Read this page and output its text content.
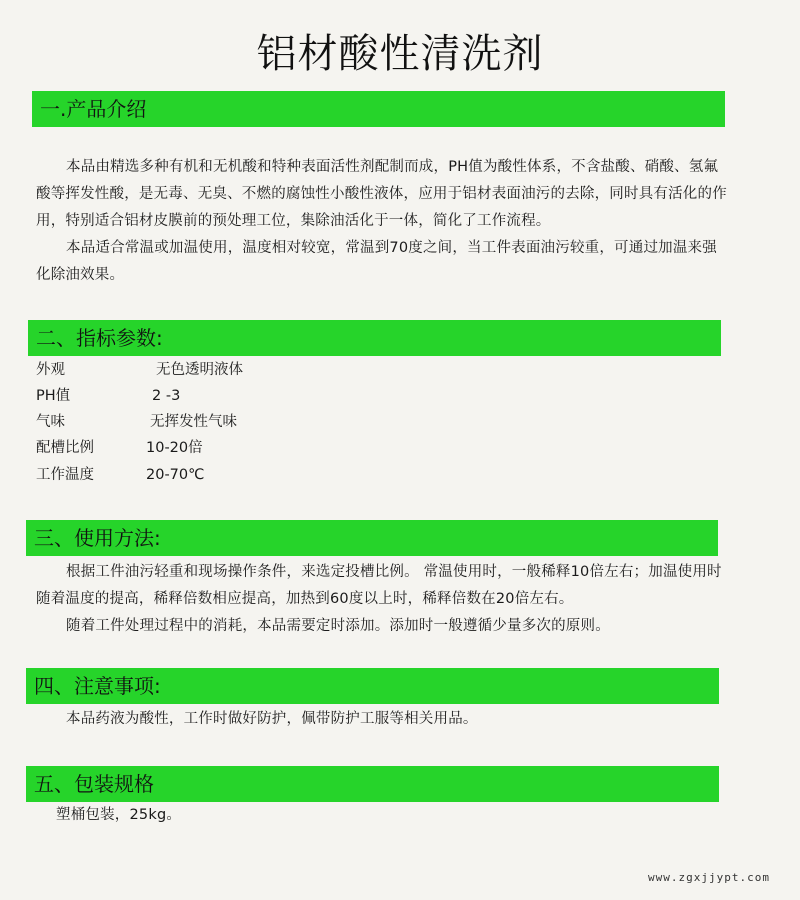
铝材酸性清洗剂
一.产品介绍

本品由精选多种有机和无机酸和特种表面活性剂配制而成，PH值为酸性体系，不含盐酸、硝酸、氢氟酸等挥发性酸，是无毒、无臭、不燃的腐蚀性小酸性液体，应用于铝材表面油污的去除，同时具有活化的作用，特别适合铝材皮膜前的预处理工位，集除油活化于一体，简化了工作流程。

本品适合常温或加温使用，温度相对较宽，常温到70度之间，当工件表面油污较重，可通过加温来强化除油效果。

二、指标参数:
外观	无色透明液体
PH值	2 -3
气味	无挥发性气味
配槽比例	10-20倍
工作温度	20-70℃
三、使用方法:

根据工件油污轻重和现场操作条件，来选定投槽比例。 常温使用时，一般稀释10倍左右；加温使用时随着温度的提高，稀释倍数相应提高，加热到60度以上时，稀释倍数在20倍左右。

随着工件处理过程中的消耗，本品需要定时添加。添加时一般遵循少量多次的原则。

四、注意事项:

本品药液为酸性，工作时做好防护，佩带防护工服等相关用品。

五、包装规格

塑桶包装，25kg。

www.zgxjjypt.com
